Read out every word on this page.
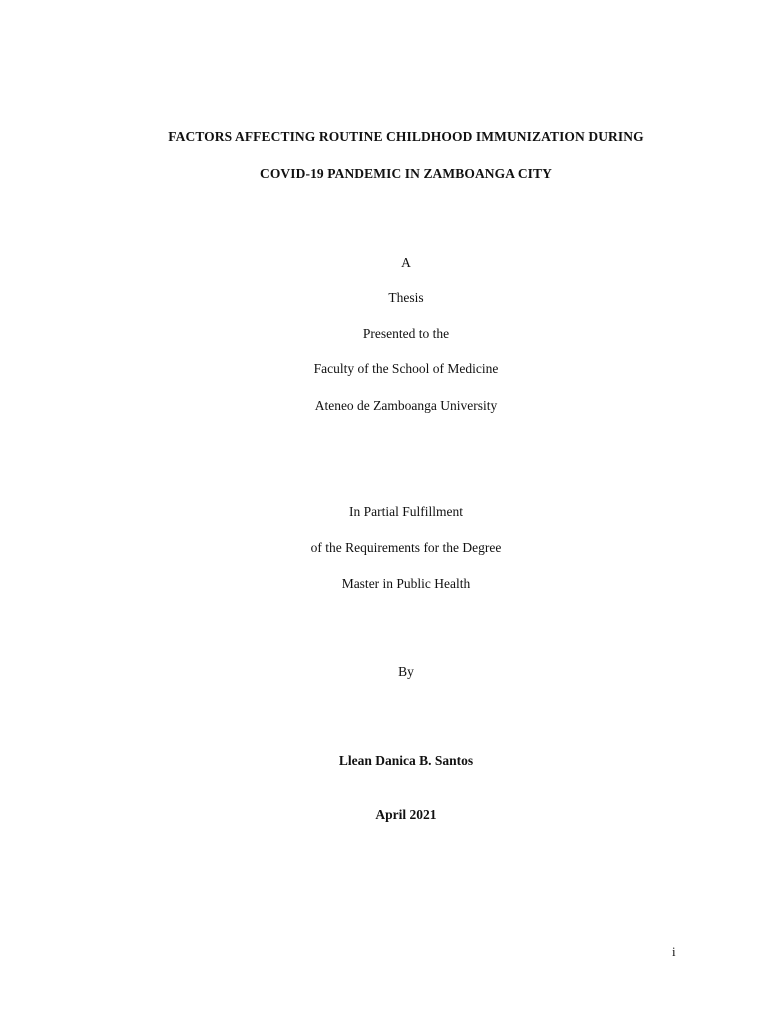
FACTORS AFFECTING ROUTINE CHILDHOOD IMMUNIZATION DURING
COVID-19 PANDEMIC IN ZAMBOANGA CITY
A
Thesis
Presented to the
Faculty of the School of Medicine
Ateneo de Zamboanga University
In Partial Fulfillment
of the Requirements for the Degree
Master in Public Health
By
Llean Danica B. Santos
April 2021
i
